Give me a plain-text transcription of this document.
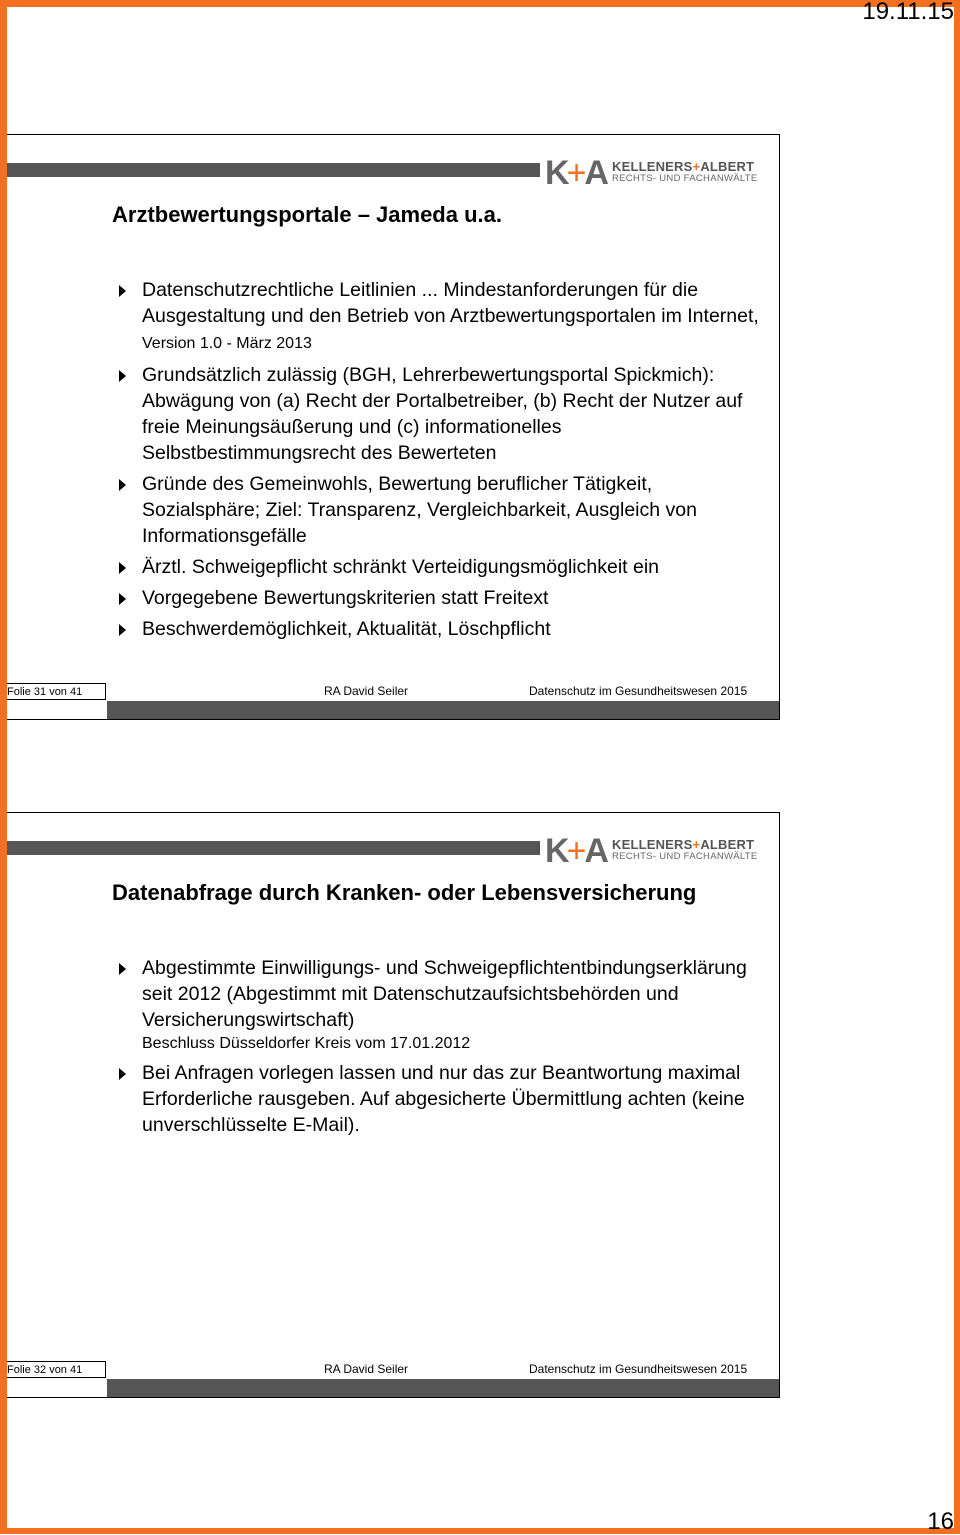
19.11.15
K+A KELLENERS+ALBERT
RECHTS- UND FACHANWÄLTE
Arztbewertungsportale – Jameda u.a.
Datenschutzrechtliche Leitlinien ... Mindestanforderungen für die Ausgestaltung und den Betrieb von Arztbewertungsportalen im Internet, Version 1.0 - März 2013
Grundsätzlich zulässig (BGH, Lehrerbewertungsportal Spickmich): Abwägung von (a) Recht der Portalbetreiber, (b) Recht der Nutzer auf freie Meinungsäußerung und (c) informationelles Selbstbestimmungsrecht des Bewerteten
Gründe des Gemeinwohls, Bewertung beruflicher Tätigkeit, Sozialsphäre; Ziel: Transparenz, Vergleichbarkeit, Ausgleich von Informationsgefälle
Ärztl. Schweigepflicht schränkt Verteidigungsmöglichkeit ein
Vorgegebene Bewertungskriterien statt Freitext
Beschwerdemöglichkeit, Aktualität, Löschpflicht
Folie 31 von 41	RA David Seiler	Datenschutz im Gesundheitswesen 2015
K+A KELLENERS+ALBERT
RECHTS- UND FACHANWÄLTE
Datenabfrage durch Kranken- oder Lebensversicherung
Abgestimmte Einwilligungs- und Schweigepflichtentbindungserklärung seit 2012 (Abgestimmt mit Datenschutzaufsichtsbehörden und Versicherungswirtschaft)
Beschluss Düsseldorfer Kreis vom 17.01.2012
Bei Anfragen vorlegen lassen und nur das zur Beantwortung maximal Erforderliche rausgeben. Auf abgesicherte Übermittlung achten (keine unverschlüsselte E-Mail).
Folie 32 von 41	RA David Seiler	Datenschutz im Gesundheitswesen 2015
16
